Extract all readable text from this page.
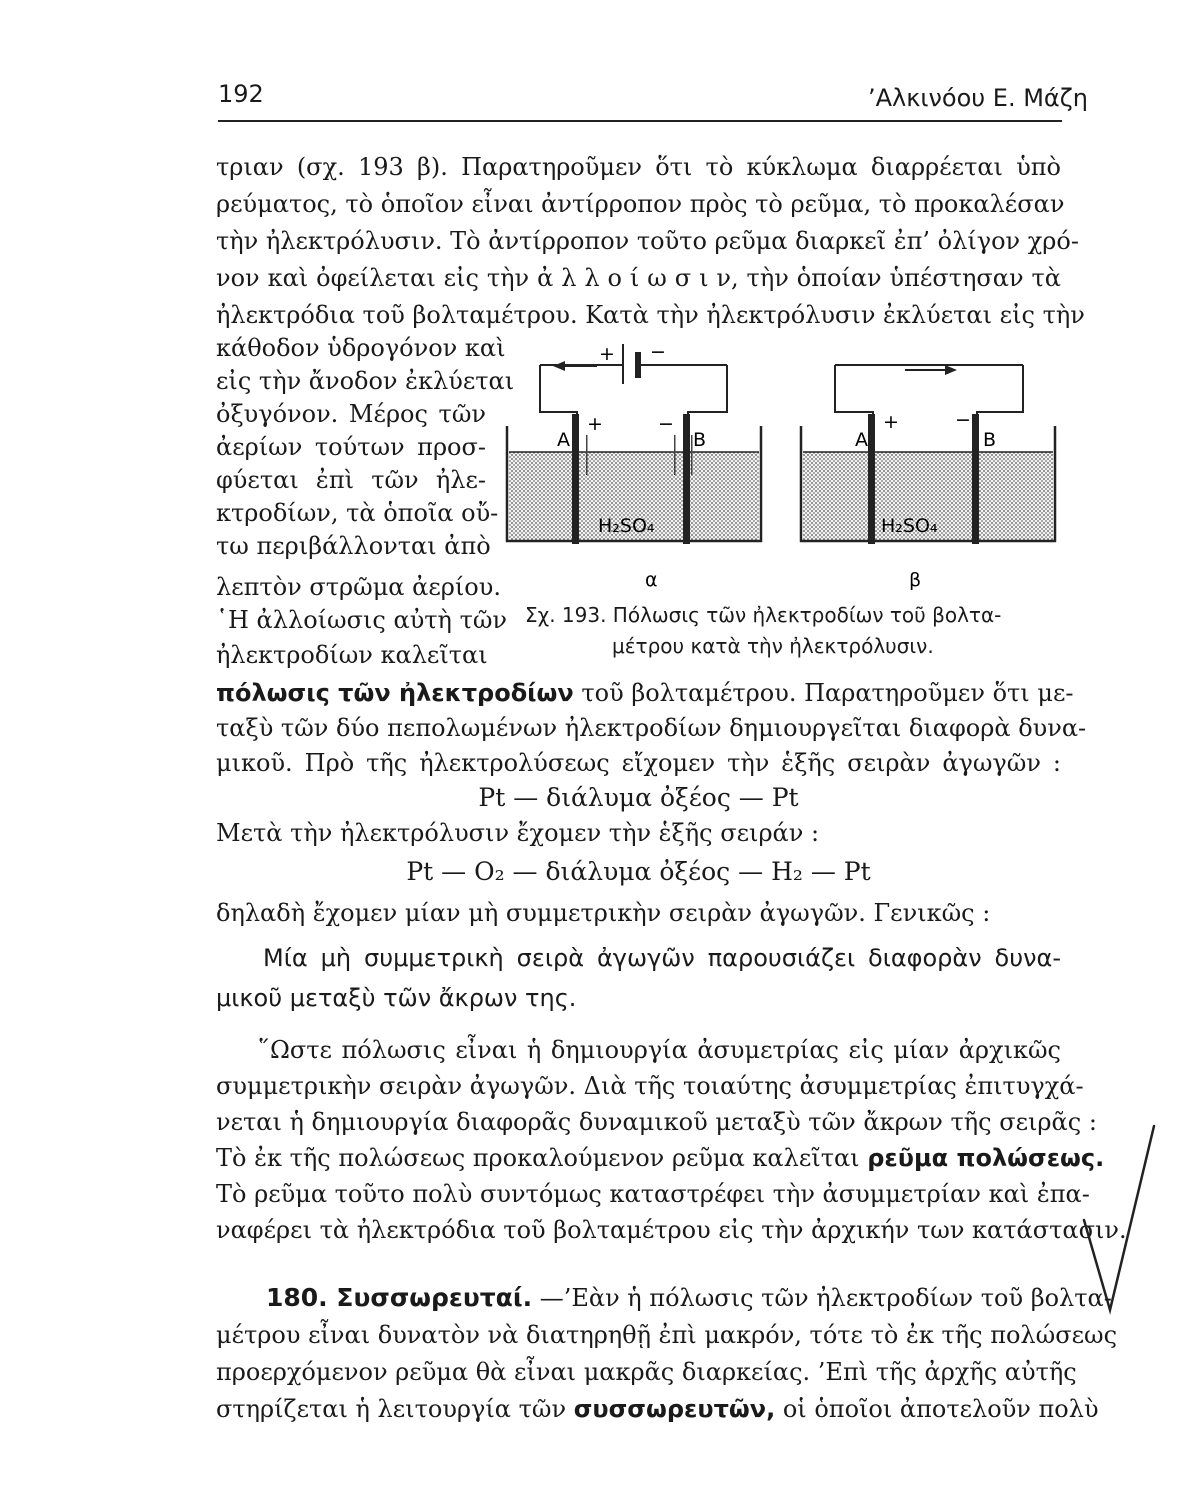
192	’Αλκινόου Ε. Μάζη
τριαν (σχ. 193 β). Παρατηροῦμεν ὅτι τὸ κύκλωμα διαρρέεται ὑπὸ
ρεύματος, τὸ ὁποῖον εἶναι ἀντίρροπον πρὸς τὸ ρεῦμα, τὸ προκαλέσαν
τὴν ἠλεκτρόλυσιν. Τὸ ἀντίρροπον τοῦτο ρεῦμα διαρκεῖ ἐπ’ ὀλίγον χρό-
νον καὶ ὀφείλεται εἰς τὴν ἀ λ λ ο ί ω σ ι ν, τὴν ὁποίαν ὑπέστησαν τὰ
ἠλεκτρόδια τοῦ βολταμέτρου. Κατὰ τὴν ἠλεκτρόλυσιν ἐκλύεται εἰς τὴν
κάθοδον ὑδρογόνον καὶ
εἰς τὴν ἄνοδον ἐκλύεται
ὀξυγόνον. Μέρος τῶν
ἀερίων τούτων προσ-
φύεται ἐπὶ τῶν ἠλε-
κτροδίων, τὰ ὁποῖα οὔ-
τω περιβάλλονται ἀπὸ
λεπτὸν στρῶμα ἀερίου.
῾Η ἀλλοίωσις αὐτὴ τῶν
ἠλεκτροδίων καλεῖται
+ −
A
+	−
B
H₂SO₄
A
+	−
B
H₂SO₄
α	β
Σχ. 193. Πόλωσις τῶν ἠλεκτροδίων τοῦ βολτα-
μέτρου κατὰ τὴν ἠλεκτρόλυσιν.
πόλωσις τῶν ἠλεκτροδίων τοῦ βολταμέτρου. Παρατηροῦμεν ὅτι με-
ταξὺ τῶν δύο πεπολωμένων ἠλεκτροδίων δημιουργεῖται διαφορὰ δυνα-
μικοῦ. Πρὸ τῆς ἠλεκτρολύσεως εἴχομεν τὴν ἑξῆς σειρὰν ἀγωγῶν :
Pt — διάλυμα ὀξέος — Pt
Μετὰ τὴν ἠλεκτρόλυσιν ἔχομεν τὴν ἑξῆς σειράν :
Pt — O₂ — διάλυμα ὀξέος — H₂ — Pt
δηλαδὴ ἔχομεν μίαν μὴ συμμετρικὴν σειρὰν ἀγωγῶν. Γενικῶς :
Μία μὴ συμμετρικὴ σειρὰ ἀγωγῶν παρουσιάζει διαφορὰν δυνα-
μικοῦ μεταξὺ τῶν ἄκρων της.
῞Ωστε πόλωσις εἶναι ἡ δημιουργία ἀσυμετρίας εἰς μίαν ἀρχικῶς
συμμετρικὴν σειρὰν ἀγωγῶν. Διὰ τῆς τοιαύτης ἀσυμμετρίας ἐπιτυγχά-
νεται ἡ δημιουργία διαφορᾶς δυναμικοῦ μεταξὺ τῶν ἄκρων τῆς σειρᾶς :
Τὸ ἐκ τῆς πολώσεως προκαλούμενον ρεῦμα καλεῖται ρεῦμα πολώσεως.
Τὸ ρεῦμα τοῦτο πολὺ συντόμως καταστρέφει τὴν ἀσυμμετρίαν καὶ ἐπα-
ναφέρει τὰ ἠλεκτρόδια τοῦ βολταμέτρου εἰς τὴν ἀρχικήν των κατάστασιν.
180. Συσσωρευταί. —’Εὰν ἡ πόλωσις τῶν ἠλεκτροδίων τοῦ βολτα-
μέτρου εἶναι δυνατὸν νὰ διατηρηθῇ ἐπὶ μακρόν, τότε τὸ ἐκ τῆς πολώσεως
προερχόμενον ρεῦμα θὰ εἶναι μακρᾶς διαρκείας. ’Επὶ τῆς ἀρχῆς αὐτῆς
στηρίζεται ἡ λειτουργία τῶν συσσωρευτῶν, οἱ ὁποῖοι ἀποτελοῦν πολὺ
